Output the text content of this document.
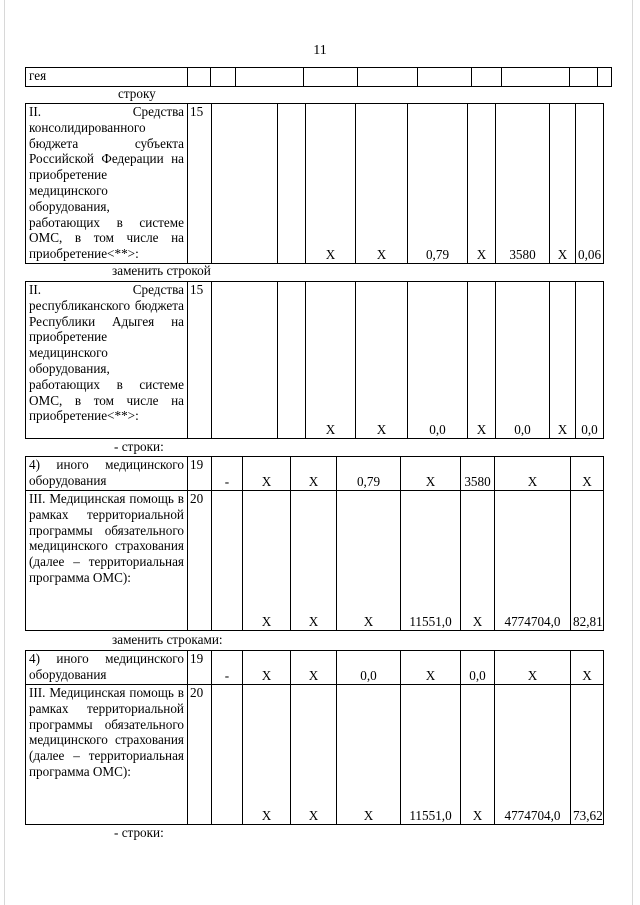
11
гея										
строку
II. Средства консолидированного бюджета субъекта Российской Федерации на приобретение медицинского оборудования, работающих в системе ОМС, в том числе на приобретение<**>:	15			X	X	0,79	X	3580	X	0,06
заменить строкой
II. Средства республиканского бюджета Республики Адыгея на приобретение медицинского оборудования, работающих в системе ОМС, в том числе на приобретение<**>:	15			X	X	0,0	X	0,0	X	0,0
- строки:
4) иного медицинского оборудования	19	-	X	X	0,79	X	3580	X	X
III. Медицинская помощь в рамках территориальной программы обязательного медицинского страхования (далее – территориальная программа ОМС):	20		X	X	X	11551,0	X	4774704,0	82,81
заменить строками:
4) иного медицинского оборудования	19	-	X	X	0,0	X	0,0	X	X
III. Медицинская помощь в рамках территориальной программы обязательного медицинского страхования (далее – территориальная программа ОМС):	20		X	X	X	11551,0	X	4774704,0	73,62
- строки:
